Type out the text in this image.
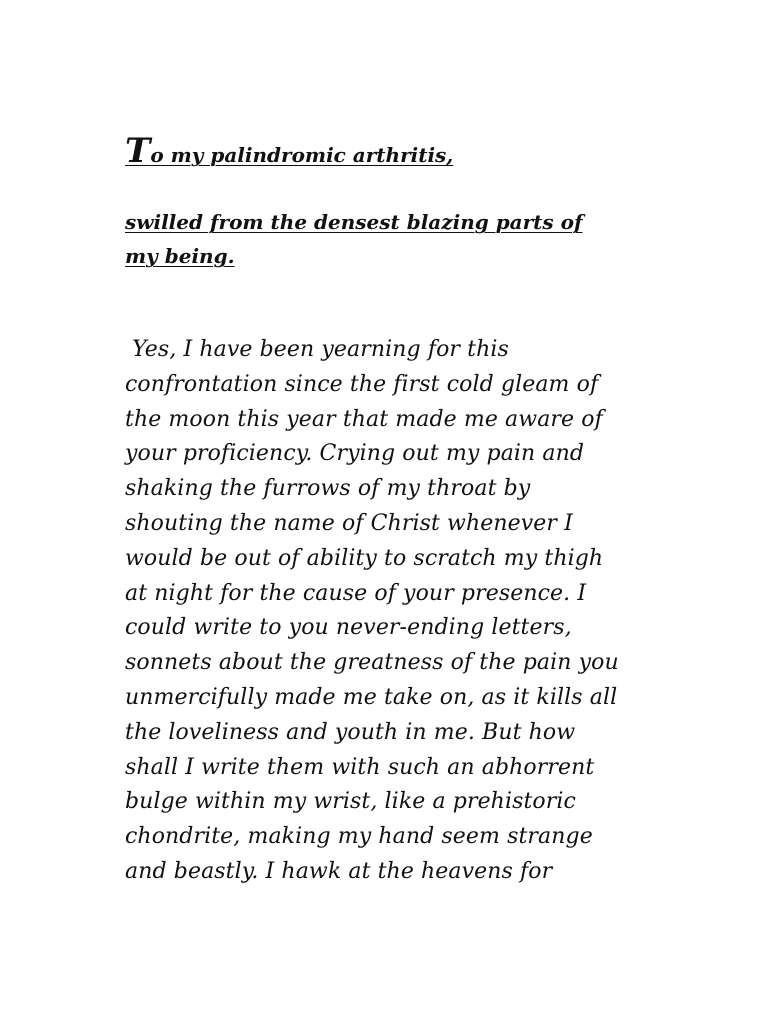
To my palindromic arthritis,
swilled from the densest blazing parts of
my being.

Yes, I have been yearning for this
confrontation since the first cold gleam of
the moon this year that made me aware of
your proficiency. Crying out my pain and
shaking the furrows of my throat by
shouting the name of Christ whenever I
would be out of ability to scratch my thigh
at night for the cause of your presence. I
could write to you never-ending letters,
sonnets about the greatness of the pain you
unmercifully made me take on, as it kills all
the loveliness and youth in me. But how
shall I write them with such an abhorrent
bulge within my wrist, like a prehistoric
chondrite, making my hand seem strange
and beastly. I hawk at the heavens for
